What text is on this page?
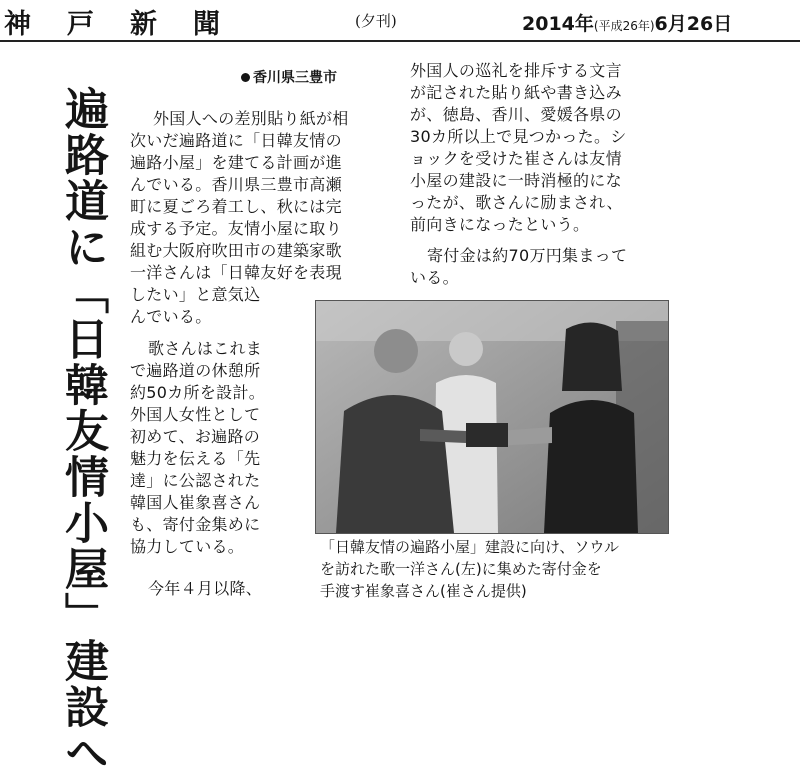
神戸新聞	(夕刊)	2014年(平成26年)6月26日
遍路道に「日韓友情小屋」建設へ
香川県三豊市
外国人への差別貼り紙が相
次いだ遍路道に「日韓友情の
遍路小屋」を建てる計画が進
んでいる。香川県三豊市高瀬
町に夏ごろ着工し、秋には完
成する予定。友情小屋に取り
組む大阪府吹田市の建築家歌
一洋さんは「日韓友好を表現
したい」と意気込
んでいる。
歌さんはこれま
で遍路道の休憩所
約50カ所を設計。
外国人女性として
初めて、お遍路の
魅力を伝える「先
達」に公認された
韓国人崔象喜さん
も、寄付金集めに
協力している。
今年４月以降、
外国人の巡礼を排斥する文言
が記された貼り紙や書き込み
が、徳島、香川、愛媛各県の
30カ所以上で見つかった。シ
ョックを受けた崔さんは友情
小屋の建設に一時消極的にな
ったが、歌さんに励まされ、
前向きになったという。
寄付金は約70万円集まって
いる。
「日韓友情の遍路小屋」建設に向け、ソウル
を訪れた歌一洋さん(左)に集めた寄付金を
手渡す崔象喜さん(崔さん提供)
